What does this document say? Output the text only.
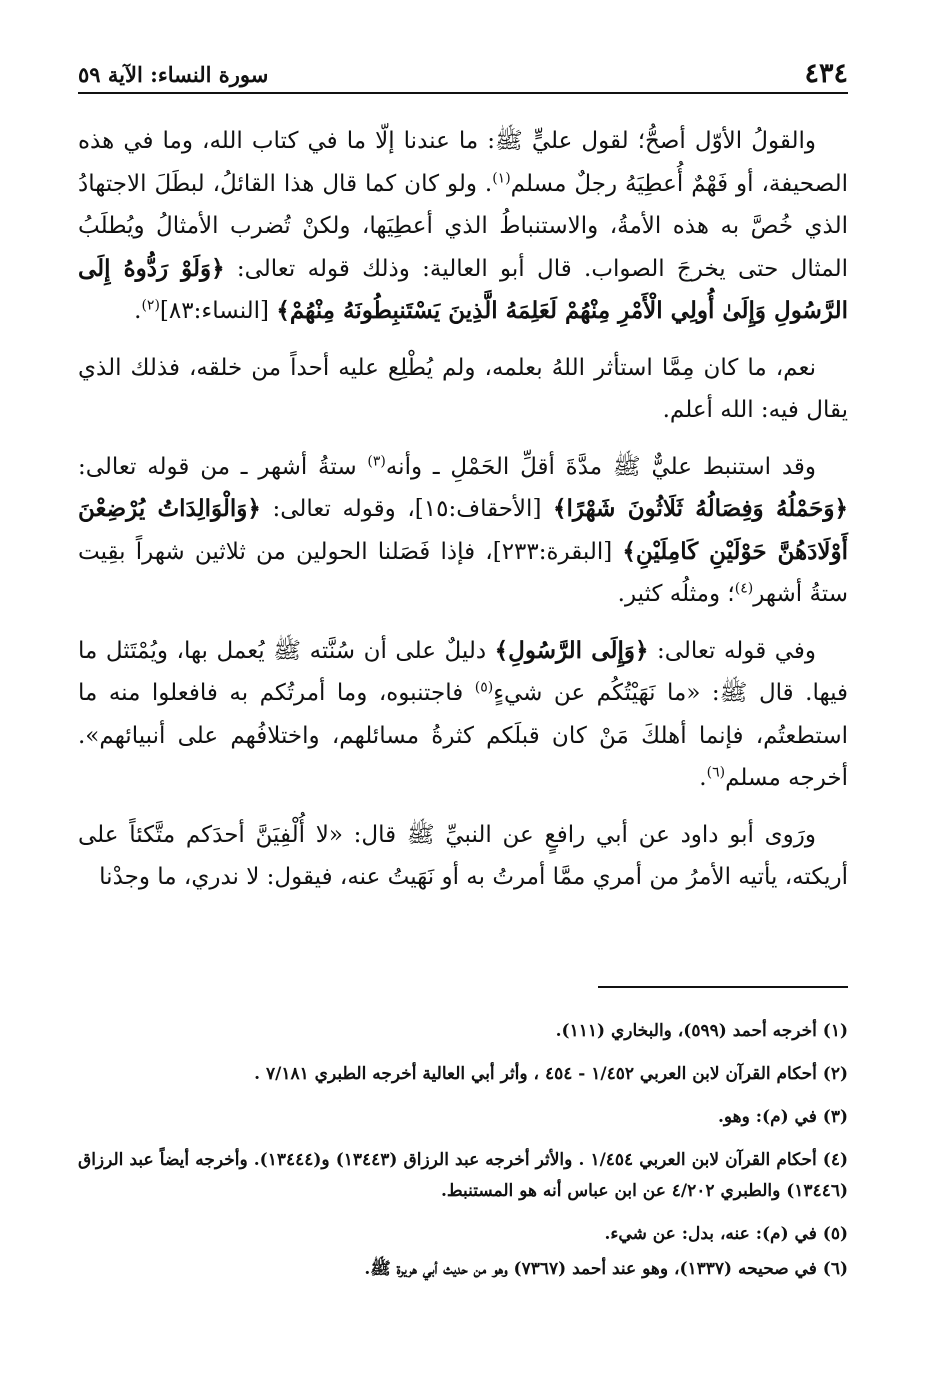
٤٣٤
سورة النساء: الآية ٥٩

والقولُ الأوّل أصحُّ؛ لقول عليٍّ ﷺ: ما عندنا إلّا ما في كتاب الله، وما في هذه الصحيفة، أو فَهْمٌ أُعطِيَهُ رجلٌ مسلم$^{(١)}$. ولو كان كما قال هذا القائلُ، لبطَلَ الاجتهادُ الذي خُصَّ به هذه الأمةُ، والاستنباطُ الذي أعطِيَها، ولكنْ تُضرب الأمثالُ ويُطلَبُ المثال حتى يخرجَ الصواب. قال أبو العالية: وذلك قوله تعالى: ﴿وَلَوْ رَدُّوهُ إِلَى الرَّسُولِ وَإِلَىٰ أُولِي الْأَمْرِ مِنْهُمْ لَعَلِمَهُ الَّذِينَ يَسْتَنبِطُونَهُ مِنْهُمْ﴾ [النساء:٨٣]$^{(٢)}$.

نعم، ما كان مِمَّا استأثر اللهُ بعلمه، ولم يُطْلِع عليه أحداً من خلقه، فذلك الذي يقال فيه: الله أعلم.

وقد استنبط عليٌّ ﷺ مدَّةَ أقلِّ الحَمْلِ ـ وأنه$^{(٣)}$ ستةُ أشهر ـ من قوله تعالى: ﴿وَحَمْلُهُ وَفِصَالُهُ ثَلَاثُونَ شَهْرًا﴾ [الأحقاف:١٥]، وقوله تعالى: ﴿وَالْوَالِدَاتُ يُرْضِعْنَ أَوْلَادَهُنَّ حَوْلَيْنِ كَامِلَيْنِ﴾ [البقرة:٢٣٣]، فإذا فَصَلنا الحولين من ثلاثين شهراً بقِيت ستةُ أشهر$^{(٤)}$؛ ومثلُه كثير.

وفي قوله تعالى: ﴿وَإِلَى الرَّسُولِ﴾ دليلٌ على أن سُنَّته ﷺ يُعمل بها، ويُمْتَثل ما فيها. قال ﷺ: «ما نَهَيْتُكُم عن شيءٍ$^{(٥)}$ فاجتنبوه، وما أمرتُكم به فافعلوا منه ما استطعتُم، فإنما أهلكَ مَنْ كان قبلَكم كثرةُ مسائلهم، واختلافُهم على أنبيائهم». أخرجه مسلم$^{(٦)}$.

ورَوى أبو داود عن أبي رافعٍ عن النبيِّ ﷺ قال: «لا أُلْفِيَنَّ أحدَكم متَّكئاً على أريكته، يأتيه الأمرُ من أمري ممَّا أمرتُ به أو نَهَيتُ عنه، فيقول: لا ندري، ما وجدْنا

(١) أخرجه أحمد (٥٩٩)، والبخاري (١١١).

(٢) أحكام القرآن لابن العربي ١/٤٥٢ - ٤٥٤ ، وأثر أبي العالية أخرجه الطبري ٧/١٨١ .

(٣) في (م): وهو.

(٤) أحكام القرآن لابن العربي ١/٤٥٤ . والأثر أخرجه عبد الرزاق (١٣٤٤٣) و(١٣٤٤٤). وأخرجه أيضاً عبد الرزاق (١٣٤٤٦) والطبري ٤/٢٠٢ عن ابن عباس أنه هو المستنبط.

(٥) في (م): عنه، بدل: عن شيء.

(٦) في صحيحه (١٣٣٧)، وهو عند أحمد (٧٣٦٧) وهو من حديث أبي هريرة ﷺ.
